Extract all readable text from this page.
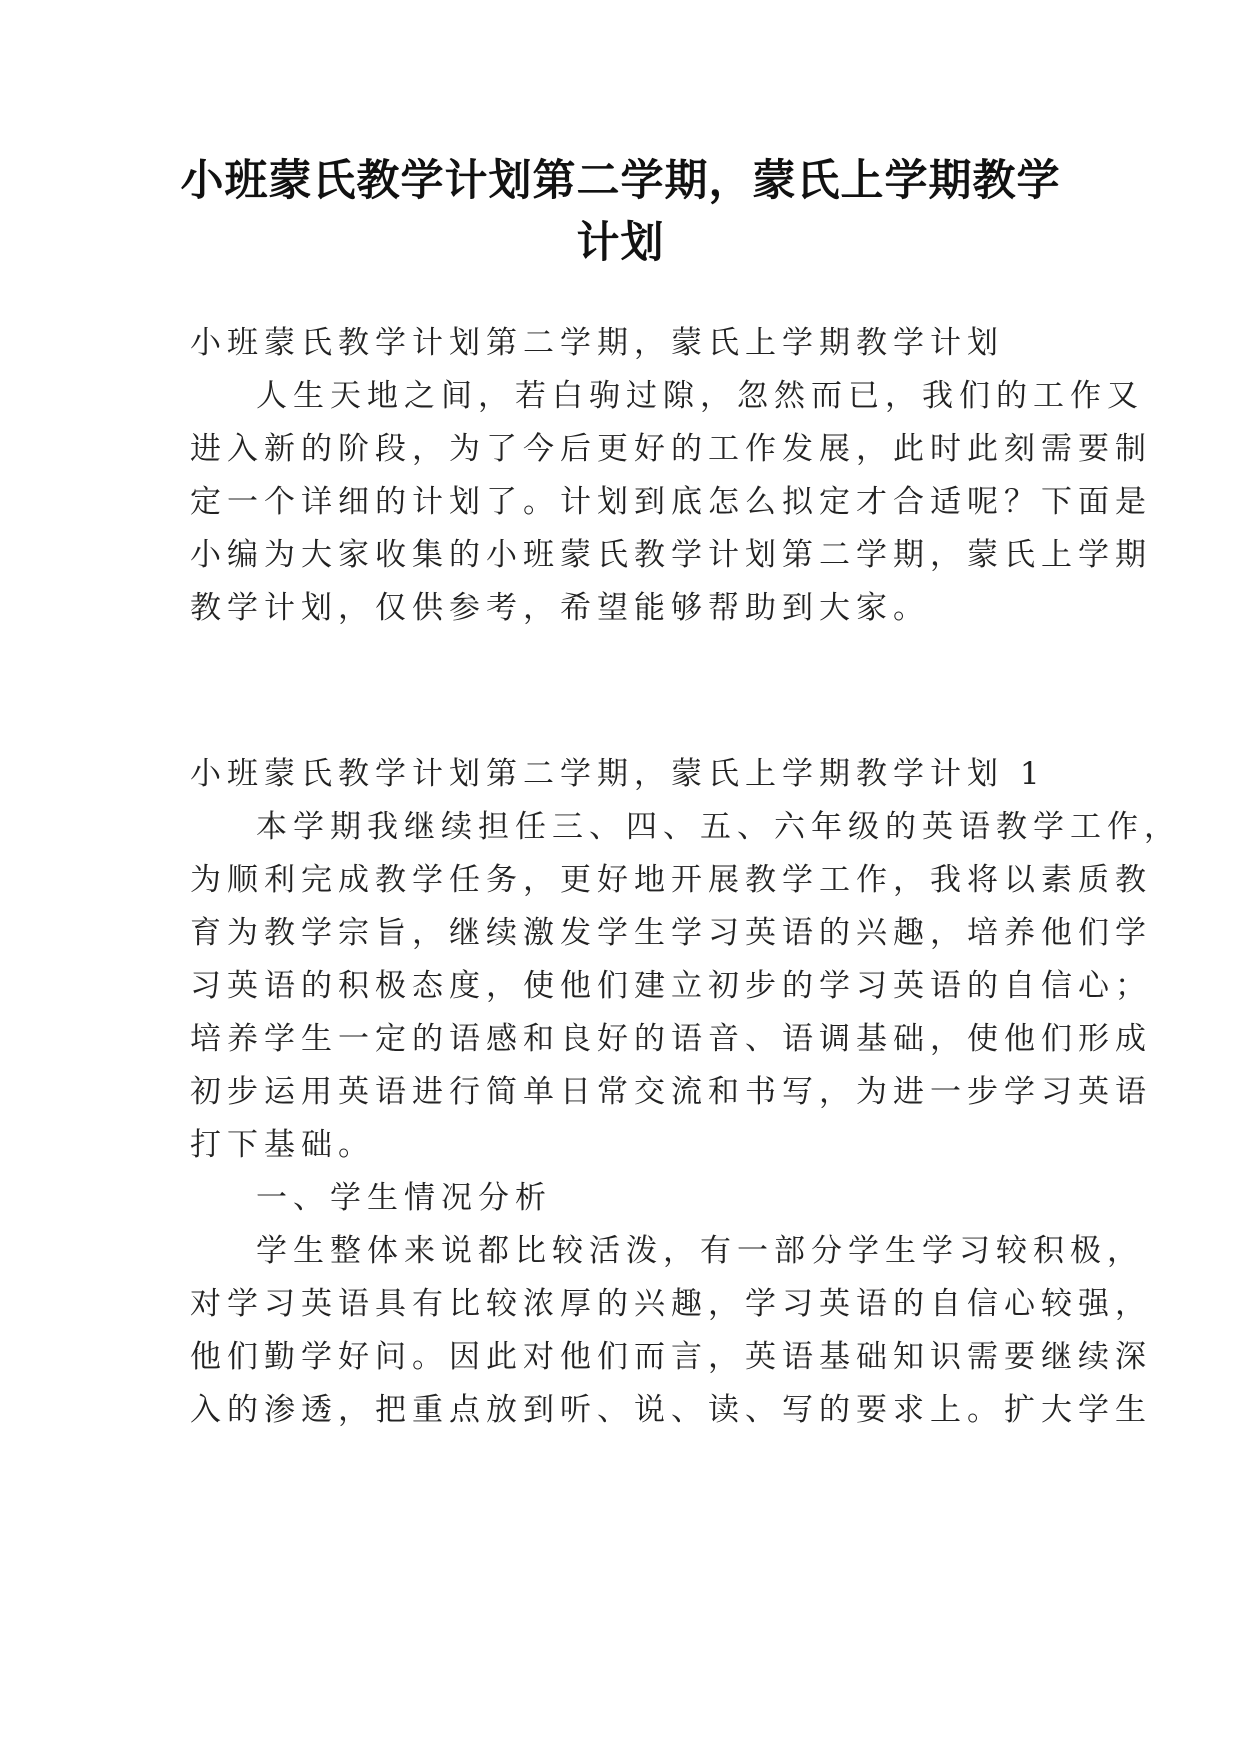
小班蒙氏教学计划第二学期，蒙氏上学期教学计划

小班蒙氏教学计划第二学期，蒙氏上学期教学计划

人生天地之间，若白驹过隙，忽然而已，我们的工作又

进入新的阶段，为了今后更好的工作发展，此时此刻需要制

定一个详细的计划了。计划到底怎么拟定才合适呢？下面是

小编为大家收集的小班蒙氏教学计划第二学期，蒙氏上学期

教学计划，仅供参考，希望能够帮助到大家。

小班蒙氏教学计划第二学期，蒙氏上学期教学计划 1

本学期我继续担任三、四、五、六年级的英语教学工作，

为顺利完成教学任务，更好地开展教学工作，我将以素质教

育为教学宗旨，继续激发学生学习英语的兴趣，培养他们学

习英语的积极态度，使他们建立初步的学习英语的自信心；

培养学生一定的语感和良好的语音、语调基础，使他们形成

初步运用英语进行简单日常交流和书写，为进一步学习英语

打下基础。

一、学生情况分析

学生整体来说都比较活泼，有一部分学生学习较积极，

对学习英语具有比较浓厚的兴趣，学习英语的自信心较强，

他们勤学好问。因此对他们而言，英语基础知识需要继续深

入的渗透，把重点放到听、说、读、写的要求上。扩大学生
